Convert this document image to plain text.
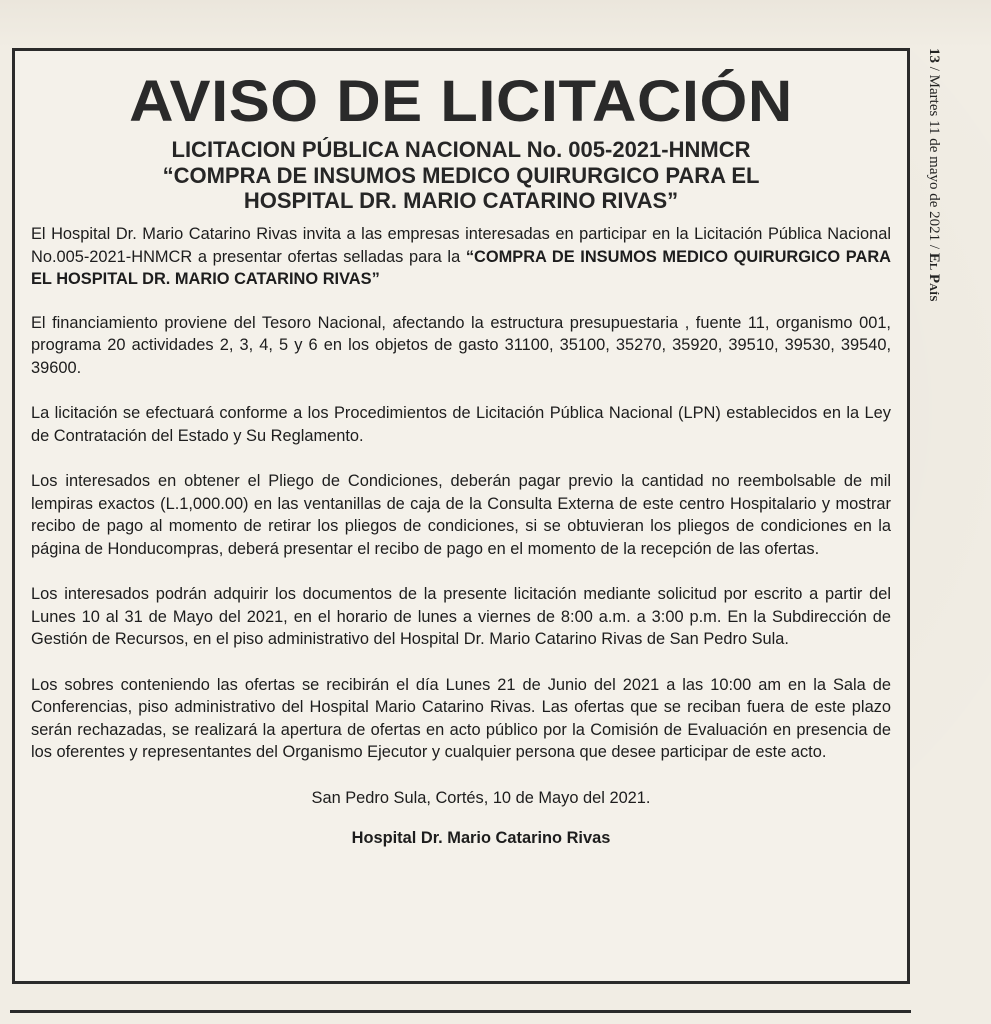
13 / Martes 11 de mayo de 2021 / El País
AVISO DE LICITACIÓN
LICITACION PÚBLICA NACIONAL No. 005-2021-HNMCR
“COMPRA DE INSUMOS MEDICO QUIRURGICO PARA EL
HOSPITAL DR. MARIO CATARINO RIVAS”

El Hospital Dr. Mario Catarino Rivas invita a las empresas interesadas en participar en la Licitación Pública Nacional No.005-2021-HNMCR a presentar ofertas selladas para la “COMPRA DE INSUMOS MEDICO QUIRURGICO PARA EL HOSPITAL DR. MARIO CATARINO RIVAS”

El financiamiento proviene del Tesoro Nacional, afectando la estructura presupuestaria , fuente 11, organismo 001, programa 20 actividades 2, 3, 4, 5 y 6 en los objetos de gasto 31100, 35100, 35270, 35920, 39510, 39530, 39540, 39600.

La licitación se efectuará conforme a los Procedimientos de Licitación Pública Nacional (LPN) establecidos en la Ley de Contratación del Estado y Su Reglamento.

Los interesados en obtener el Pliego de Condiciones, deberán pagar previo la cantidad no reembolsable de mil lempiras exactos (L.1,000.00) en las ventanillas de caja de la Consulta Externa de este centro Hospitalario y mostrar recibo de pago al momento de retirar los pliegos de condiciones, si se obtuvieran los pliegos de condiciones en la página de Honducompras, deberá presentar el recibo de pago en el momento de la recepción de las ofertas.

Los interesados podrán adquirir los documentos de la presente licitación mediante solicitud por escrito a partir del Lunes 10 al 31 de Mayo del 2021, en el horario de lunes a viernes de 8:00 a.m. a 3:00 p.m. En la Subdirección de Gestión de Recursos, en el piso administrativo del Hospital Dr. Mario Catarino Rivas de San Pedro Sula.

Los sobres conteniendo las ofertas se recibirán el día Lunes 21 de Junio del 2021 a las 10:00 am en la Sala de Conferencias, piso administrativo del Hospital Mario Catarino Rivas. Las ofertas que se reciban fuera de este plazo serán rechazadas, se realizará la apertura de ofertas en acto público por la Comisión de Evaluación en presencia de los oferentes y representantes del Organismo Ejecutor y cualquier persona que desee participar de este acto.

San Pedro Sula, Cortés, 10 de Mayo del 2021.

Hospital Dr. Mario Catarino Rivas
